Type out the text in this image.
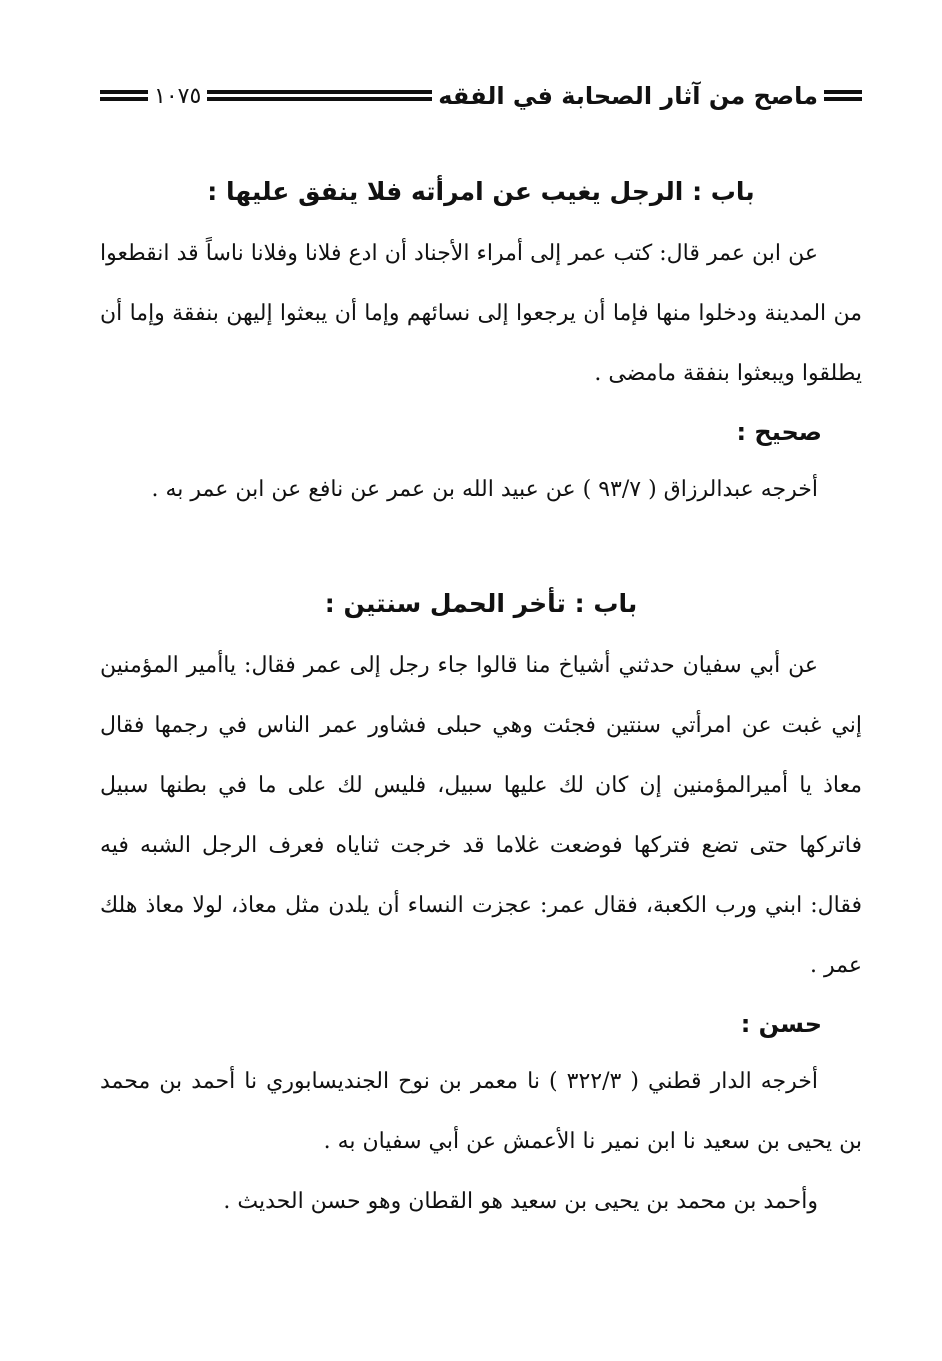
ماصح من آثار الصحابة في الفقه
١٠٧٥
باب : الرجل يغيب عن امرأته فلا ينفق عليها :

عن ابن عمر قال: كتب عمر إلى أمراء الأجناد أن ادع فلانا وفلانا ناساً قد انقطعوا من المدينة ودخلوا منها فإما أن يرجعوا إلى نسائهم وإما أن يبعثوا إليهن بنفقة وإما أن يطلقوا ويبعثوا بنفقة مامضى .

صحيح :

أخرجه عبدالرزاق ( ٩٣/٧ ) عن عبيد الله بن عمر عن نافع عن ابن عمر به .

باب : تأخر الحمل سنتين :

عن أبي سفيان حدثني أشياخ منا قالوا جاء رجل إلى عمر فقال: ياأمير المؤمنين إني غبت عن امرأتي سنتين فجئت وهي حبلى فشاور عمر الناس في رجمها فقال معاذ يا أميرالمؤمنين إن كان لك عليها سبيل، فليس لك على ما في بطنها سبيل فاتركها حتى تضع فتركها فوضعت غلاما قد خرجت ثناياه فعرف الرجل الشبه فيه فقال: ابني ورب الكعبة، فقال عمر: عجزت النساء أن يلدن مثل معاذ، لولا معاذ هلك عمر .

حسن :

أخرجه الدار قطني ( ٣٢٢/٣ ) نا معمر بن نوح الجنديسابوري نا أحمد بن محمد بن يحيى بن سعيد نا ابن نمير نا الأعمش عن أبي سفيان به .

وأحمد بن محمد بن يحيى بن سعيد هو القطان وهو حسن الحديث .
